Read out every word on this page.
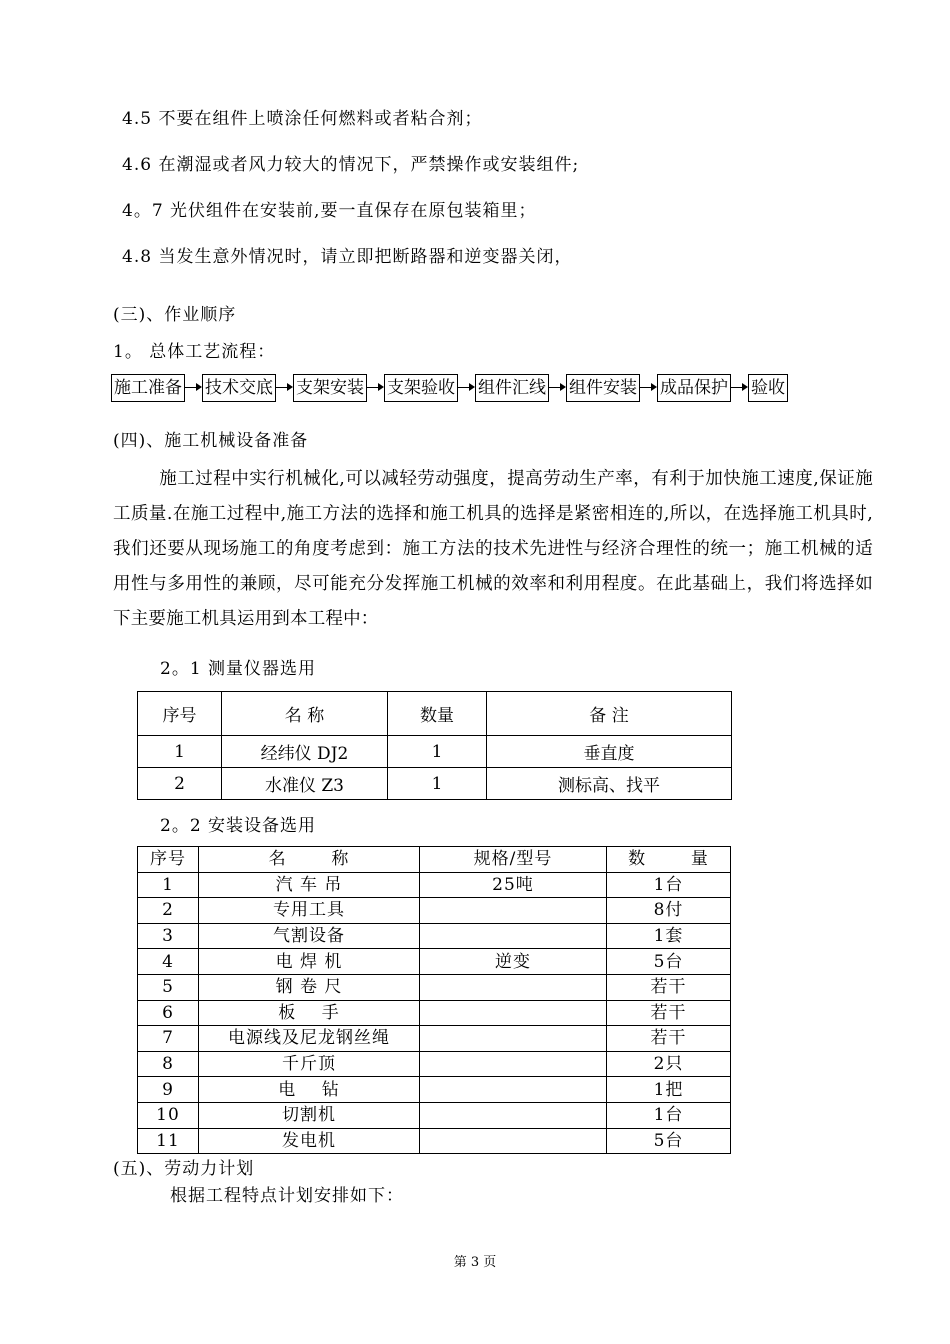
4.5 不要在组件上喷涂任何燃料或者粘合剂；
4.6 在潮湿或者风力较大的情况下，严禁操作或安装组件;
4。7 光伏组件在安装前,要一直保存在原包装箱里；
4.8 当发生意外情况时，请立即把断路器和逆变器关闭，
(三)、作业顺序
1。 总体工艺流程：
施工准备 技术交底 支架安装 支架验收 组件汇线 组件安装 成品保护 验收
(四)、施工机械设备准备
施工过程中实行机械化,可以减轻劳动强度，提高劳动生产率，有利于加快施工速度,保证施工质量.在施工过程中,施工方法的选择和施工机具的选择是紧密相连的,所以，在选择施工机具时,我们还要从现场施工的角度考虑到：施工方法的技术先进性与经济合理性的统一；施工机械的适用性与多用性的兼顾，尽可能充分发挥施工机械的效率和利用程度。在此基础上，我们将选择如下主要施工机具运用到本工程中：
2。1 测量仪器选用
序号	名 称	数量	备 注
1	经纬仪 DJ2	1	垂直度
2	水准仪 Z3	1	测标高、找平
2。2 安装设备选用
序号	名       称	规格/型号	数       量
1	汽 车 吊	25吨	1台
2	专用工具		8付
3	气割设备		1套
4	电 焊 机	逆变	5台
5	钢 卷 尺		若干
6	板    手		若干
7	电源线及尼龙钢丝绳		若干
8	千斤顶		2只
9	电    钻		1把
10	切割机		1台
11	发电机		5台
(五)、劳动力计划
根据工程特点计划安排如下：
第 3 页
